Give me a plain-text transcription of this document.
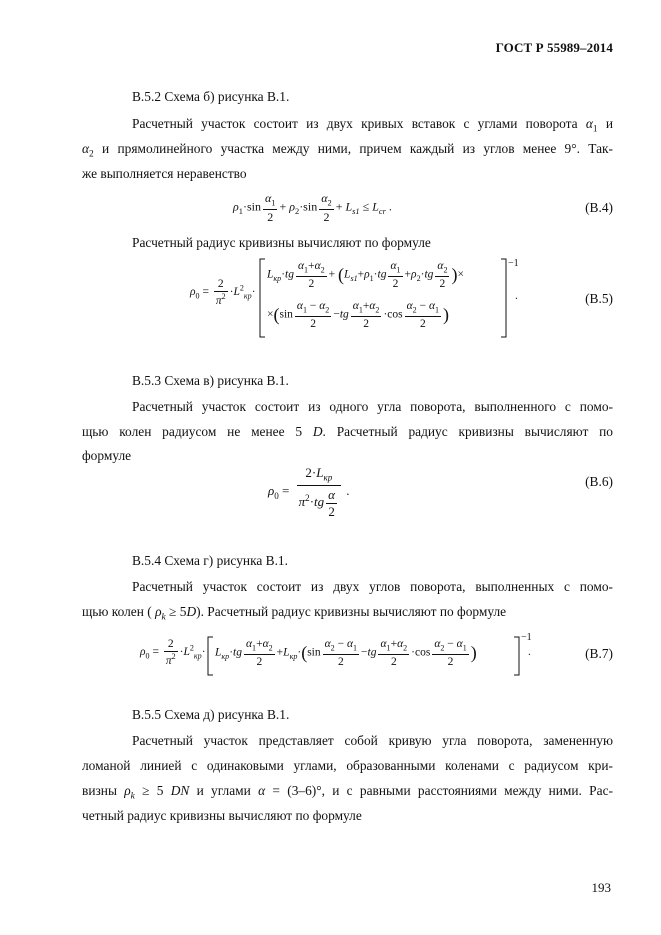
ГОСТ Р 55989–2014
В.5.2 Схема б) рисунка В.1.
Расчетный участок состоит из двух кривых вставок с углами поворота $\alpha_1$ и
$\alpha_2$ и прямолинейного участка между ними, причем каждый из углов менее 9°. Так-
же выполняется неравенство
$\rho_1\cdot\sin \frac{\alpha_1}{2} + \rho_2\cdot\sin \frac{\alpha_2}{2} + L_{s1} \le L_{cr}$ .	(В.4)
Расчетный радиус кривизны вычисляют по формуле
$\rho_0 = \frac{2}{\pi^2} \cdot L^2_{кр}\cdot$
$L_{кр}\cdot tg \frac{\alpha_1+\alpha_2}{2} + (L_{s1}+\rho_1\cdot tg \frac{\alpha_1}{2} +\rho_2\cdot tg \frac{\alpha_2}{2}$ )×
$\times(\sin \frac{\alpha_1 - \alpha_2}{2} -tg \frac{\alpha_1+\alpha_2}{2} \cdot\cos \frac{\alpha_2 - \alpha_1}{2}$ )
−1
.	(В.5)
В.5.3 Схема в) рисунка В.1.
Расчетный участок состоит из одного угла поворота, выполненного с помо-
щью колен радиусом не менее 5 D. Расчетный радиус кривизны вычисляют по
формуле
$\rho_0 = \frac{2\cdot L_{кр}}{\pi^2\cdot tg \frac{\alpha}{2}}$ .
(В.6)
В.5.4 Схема г) рисунка В.1.
Расчетный участок состоит из двух углов поворота, выполненных с помо-
щью колен ( $\rho_k \ge 5D$). Расчетный радиус кривизны вычисляют по формуле
$\rho_0 = \frac{2}{\pi^2} \cdot L^2_{кр}\cdot L_{кр}\cdot tg \frac{\alpha_1+\alpha_2}{2} +L_{кр}\cdot(\sin \frac{\alpha_2 - \alpha_1}{2} -tg \frac{\alpha_1+\alpha_2}{2} \cdot\cos \frac{\alpha_2 - \alpha_1}{2}$ )
−1
.	(В.7)
В.5.5 Схема д) рисунка В.1.
Расчетный участок представляет собой кривую угла поворота, замененную
ломаной линией с одинаковыми углами, образованными коленами с радиусом кри-
визны $\rho_k \ge 5$ DN и углами α = (3–6)°, и с равными расстояниями между ними. Рас-
четный радиус кривизны вычисляют по формуле
193
